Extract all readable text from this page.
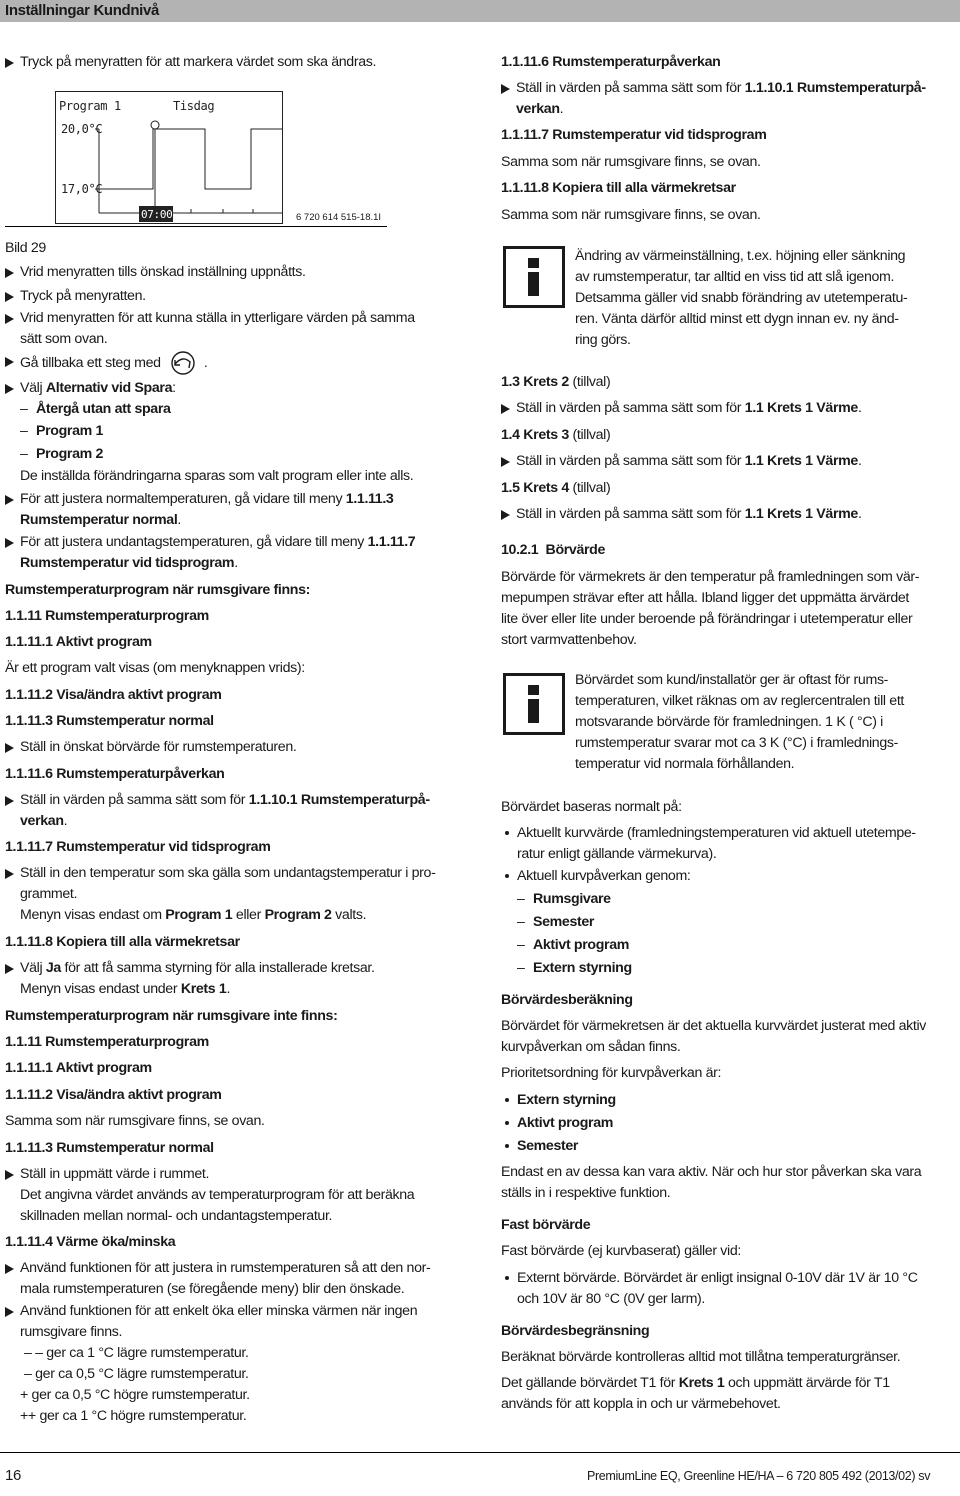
Inställningar Kundnivå
Tryck på menyratten för att markera värdet som ska ändras.
Program 1	Tisdag
20,0°C
17,0°C
07:00	6 720 614 515-18.1I
Bild 29
Vrid menyratten tills önskad inställning uppnåtts.
Tryck på menyratten.
Vrid menyratten för att kunna ställa in ytterligare värden på samma
sätt som ovan.
Gå tillbaka ett steg med	.
Välj Alternativ vid Spara:
– Återgå utan att spara
– Program 1
– Program 2
De inställda förändringarna sparas som valt program eller inte alls.
För att justera normaltemperaturen, gå vidare till meny 1.1.11.3
Rumstemperatur normal.
För att justera undantagstemperaturen, gå vidare till meny 1.1.11.7
Rumstemperatur vid tidsprogram.
Rumstemperaturprogram när rumsgivare finns:
1.1.11 Rumstemperaturprogram
1.1.11.1 Aktivt program
Är ett program valt visas (om menyknappen vrids):
1.1.11.2 Visa/ändra aktivt program
1.1.11.3 Rumstemperatur normal
Ställ in önskat börvärde för rumstemperaturen.
1.1.11.6 Rumstemperaturpåverkan
Ställ in värden på samma sätt som för 1.1.10.1 Rumstemperaturpå-
verkan.
1.1.11.7 Rumstemperatur vid tidsprogram
Ställ in den temperatur som ska gälla som undantagstemperatur i pro-
grammet.
Menyn visas endast om Program 1 eller Program 2 valts.
1.1.11.8 Kopiera till alla värmekretsar
Välj Ja för att få samma styrning för alla installerade kretsar.
Menyn visas endast under Krets 1.
Rumstemperaturprogram när rumsgivare inte finns:
1.1.11 Rumstemperaturprogram
1.1.11.1 Aktivt program
1.1.11.2 Visa/ändra aktivt program
Samma som när rumsgivare finns, se ovan.
1.1.11.3 Rumstemperatur normal
Ställ in uppmätt värde i rummet.
Det angivna värdet används av temperaturprogram för att beräkna
skillnaden mellan normal- och undantagstemperatur.
1.1.11.4 Värme öka/minska
Använd funktionen för att justera in rumstemperaturen så att den nor-
mala rumstemperaturen (se föregående meny) blir den önskade.
Använd funktionen för att enkelt öka eller minska värmen när ingen
rumsgivare finns.
– – ger ca 1 °C lägre rumstemperatur.
– ger ca 0,5 °C lägre rumstemperatur.
+ ger ca 0,5 °C högre rumstemperatur.
++ ger ca 1 °C högre rumstemperatur.
1.1.11.6 Rumstemperaturpåverkan
Ställ in värden på samma sätt som för 1.1.10.1 Rumstemperaturpå-
verkan.
1.1.11.7 Rumstemperatur vid tidsprogram
Samma som när rumsgivare finns, se ovan.
1.1.11.8 Kopiera till alla värmekretsar
Samma som när rumsgivare finns, se ovan.
Ändring av värmeinställning, t.ex. höjning eller sänkning
av rumstemperatur, tar alltid en viss tid att slå igenom.
Detsamma gäller vid snabb förändring av utetemperatu-
ren. Vänta därför alltid minst ett dygn innan ev. ny änd-
ring görs.
1.3 Krets 2 (tillval)
Ställ in värden på samma sätt som för 1.1 Krets 1 Värme.
1.4 Krets 3 (tillval)
Ställ in värden på samma sätt som för 1.1 Krets 1 Värme.
1.5 Krets 4 (tillval)
Ställ in värden på samma sätt som för 1.1 Krets 1 Värme.
10.2.1 Börvärde
Börvärde för värmekrets är den temperatur på framledningen som vär-
mepumpen strävar efter att hålla. Ibland ligger det uppmätta ärvärdet
lite över eller lite under beroende på förändringar i utetemperatur eller
stort varmvattenbehov.
Börvärdet som kund/installatör ger är oftast för rums-
temperaturen, vilket räknas om av reglercentralen till ett
motsvarande börvärde för framledningen. 1 K ( °C) i
rumstemperatur svarar mot ca 3 K (°C) i framlednings-
temperatur vid normala förhållanden.
Börvärdet baseras normalt på:
Aktuellt kurvvärde (framledningstemperaturen vid aktuell utetempe-
ratur enligt gällande värmekurva).
Aktuell kurvpåverkan genom:
– Rumsgivare
– Semester
– Aktivt program
– Extern styrning
Börvärdesberäkning
Börvärdet för värmekretsen är det aktuella kurvvärdet justerat med aktiv
kurvpåverkan om sådan finns.
Prioritetsordning för kurvpåverkan är:
Extern styrning
Aktivt program
Semester
Endast en av dessa kan vara aktiv. När och hur stor påverkan ska vara
ställs in i respektive funktion.
Fast börvärde
Fast börvärde (ej kurvbaserat) gäller vid:
Externt börvärde. Börvärdet är enligt insignal 0-10V där 1V är 10 °C
och 10V är 80 °C (0V ger larm).
Börvärdesbegränsning
Beräknat börvärde kontrolleras alltid mot tillåtna temperaturgränser.
Det gällande börvärdet T1 för Krets 1 och uppmätt ärvärde för T1
används för att koppla in och ur värmebehovet.
16	PremiumLine EQ, Greenline HE/HA – 6 720 805 492 (2013/02) sv
